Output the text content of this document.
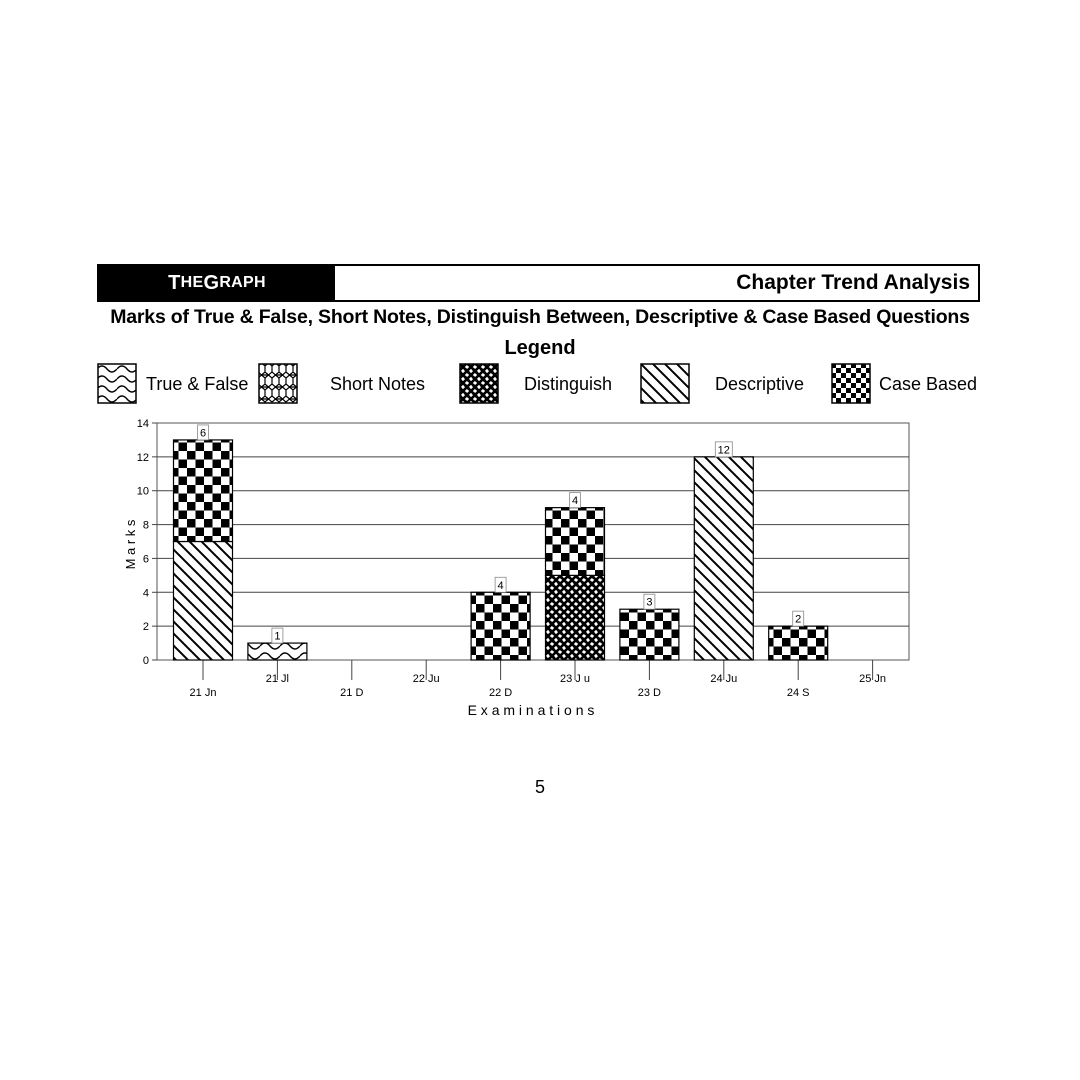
T HE G RAPH	Chapter Trend Analysis
Marks of True & False, Short Notes, Distinguish Between, Descriptive & Case Based Questions
Legend
True & False	Short Notes	Distinguish	Descriptive	Case Based
0
2
4
6
8
10
12
14
21 Jn
21 Jl
21 D
22 Ju
22 D
23 J u
23 D
24 Ju
24 S
25 Jn
6
1
4
4
3
12
2
E x a m i n a t i o n s
M a r k s
5
